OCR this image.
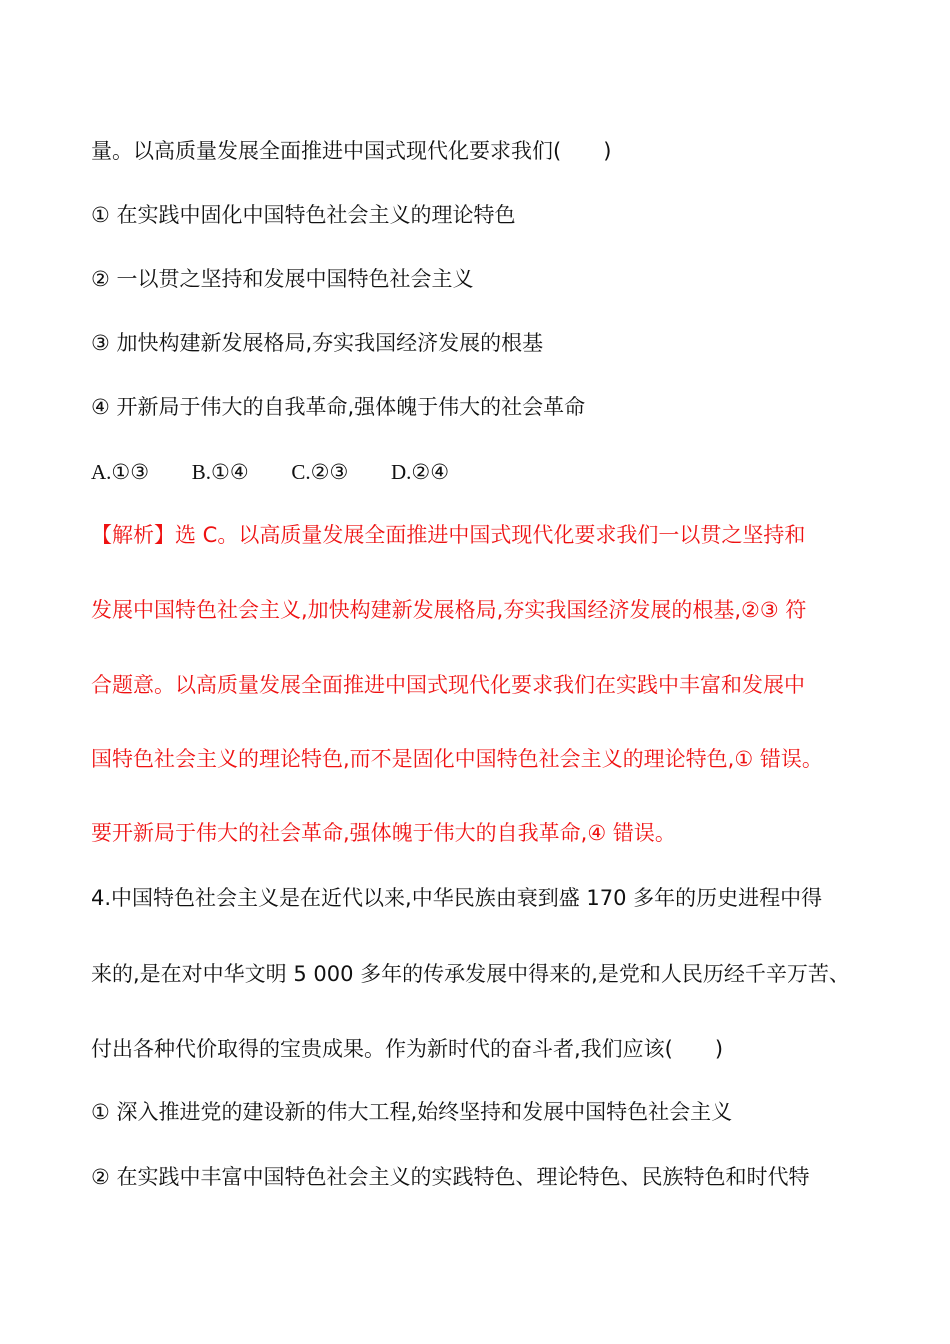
量。以高质量发展全面推进中国式现代化要求我们(　　)
① 在实践中固化中国特色社会主义的理论特色
② 一以贯之坚持和发展中国特色社会主义
③ 加快构建新发展格局,夯实我国经济发展的根基
④ 开新局于伟大的自我革命,强体魄于伟大的社会革命
A.①③ B.①④ C.②③ D.②④
【解析】选 C。以高质量发展全面推进中国式现代化要求我们一以贯之坚持和
发展中国特色社会主义,加快构建新发展格局,夯实我国经济发展的根基,②③ 符
合题意。以高质量发展全面推进中国式现代化要求我们在实践中丰富和发展中
国特色社会主义的理论特色,而不是固化中国特色社会主义的理论特色,① 错误。
要开新局于伟大的社会革命,强体魄于伟大的自我革命,④ 错误。
4.中国特色社会主义是在近代以来,中华民族由衰到盛 170 多年的历史进程中得
来的,是在对中华文明 5 000 多年的传承发展中得来的,是党和人民历经千辛万苦、
付出各种代价取得的宝贵成果。作为新时代的奋斗者,我们应该(　　)
① 深入推进党的建设新的伟大工程,始终坚持和发展中国特色社会主义
② 在实践中丰富中国特色社会主义的实践特色、理论特色、民族特色和时代特
